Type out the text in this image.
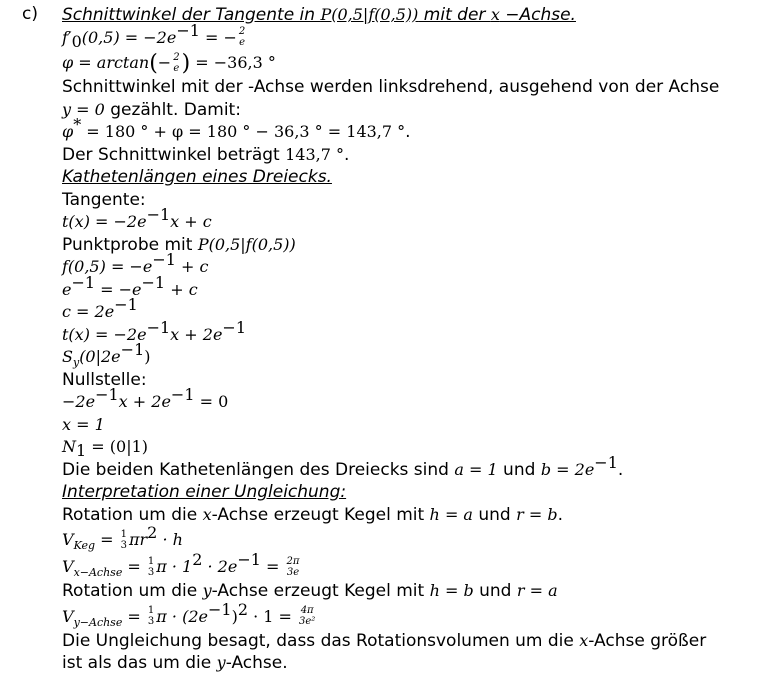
c) Schnittwinkel der Tangente in P(0,5|f(0,5)) mit der x −Achse.
$f'_0(0,5) = -2e^{-1}$ = − 2
e
φ = arctan(− 2
e ) = −36,3 °
Schnittwinkel mit der -Achse werden linksdrehend, ausgehend von der Achse
y = 0 gezählt. Damit:
φ* = 180 ° + φ = 180 ° − 36,3 ° = 143,7 °.
Der Schnittwinkel beträgt 143,7 °.
Kathetenlängen eines Dreiecks.
Tangente:
$t(x) = -2e^{-1}x + c$
Punktprobe mit P(0,5|f(0,5))
$f(0,5) = -e^{-1} + c$
$e^{-1} = -e^{-1} + c$
$c = 2e^{-1}$
$t(x) = -2e^{-1}x + 2e^{-1}$
$S_y(0|2e^{-1})$
Nullstelle:
$-2e^{-1}x + 2e^{-1} = 0$
x = 1
$N_1 = (0|1)$
Die beiden Kathetenlängen des Dreiecks sind a = 1 und $b = 2e^{-1}$.
Interpretation einer Ungleichung:
Rotation um die x-Achse erzeugt Kegel mit h = a und r = b.
$V_{Keg} = 1$
3 $\pi r^2 \cdot h$
$V_{x-Achse} = 1$
3 $\pi \cdot 1^2 \cdot 2e^{-1} = 2\pi$
3e
Rotation um die y-Achse erzeugt Kegel mit h = b und r = a
$V_{y-Achse} = 1$
3 $\pi \cdot (2e^{-1})^2 \cdot 1 = 4\pi$
3e²
Die Ungleichung besagt, dass das Rotationsvolumen um die x-Achse größer
ist als das um die y-Achse.
